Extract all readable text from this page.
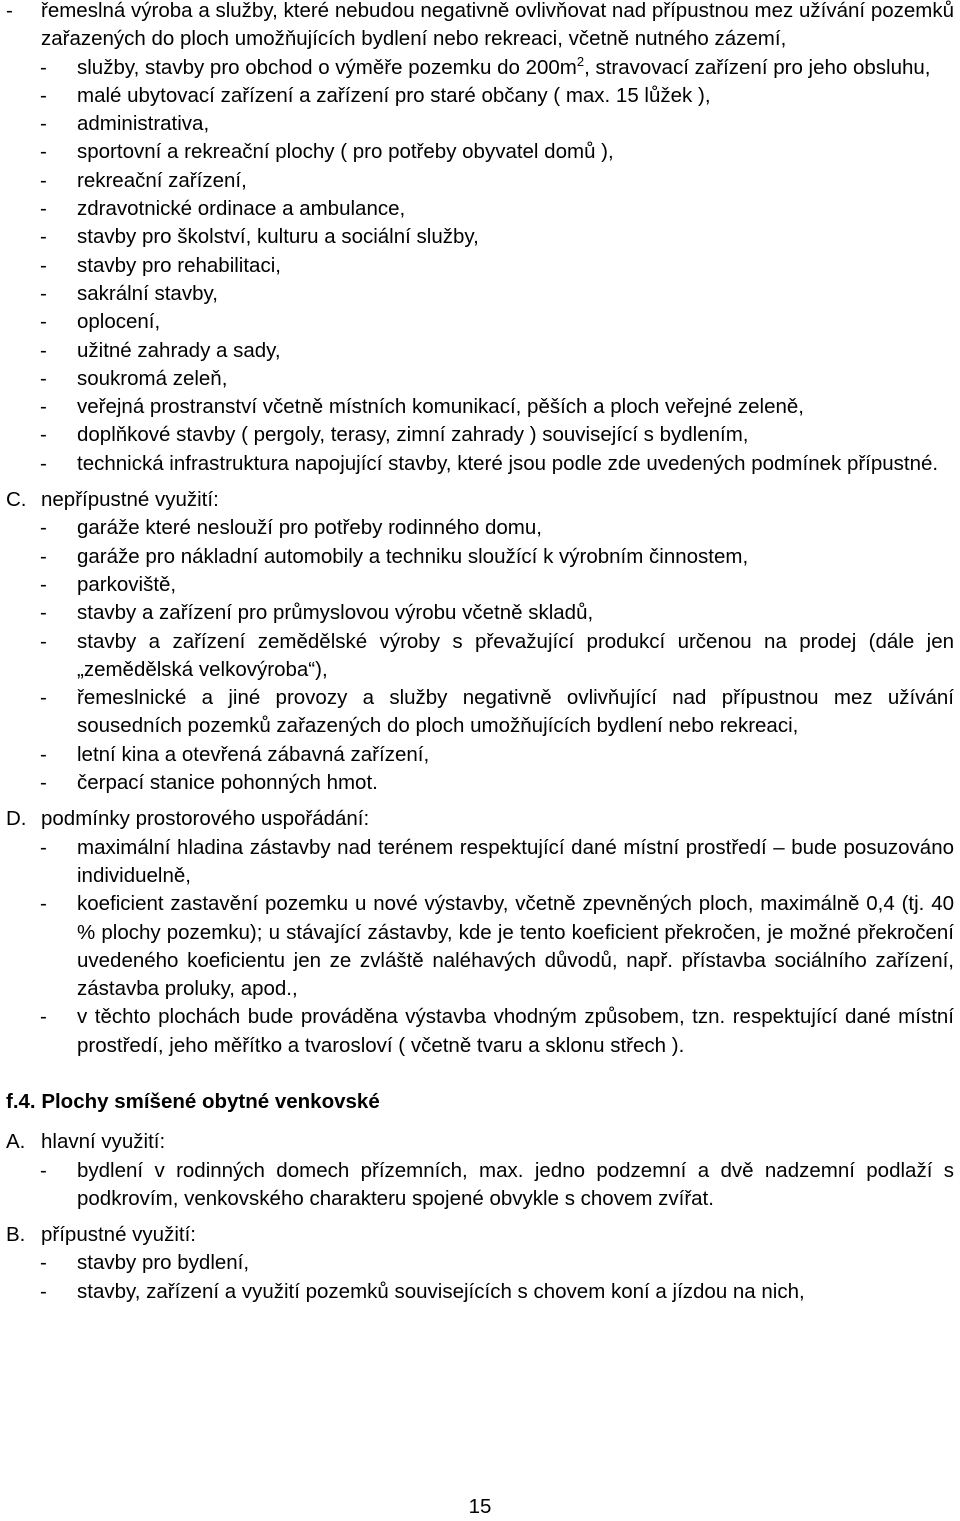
- řemeslná výroba a služby, které nebudou negativně ovlivňovat nad přípustnou mez užívání pozemků zařazených do ploch umožňujících bydlení nebo rekreaci, včetně nutného zázemí,
- služby, stavby pro obchod o výměře pozemku do $200m^2$, stravovací zařízení pro jeho obsluhu,
- malé ubytovací zařízení a zařízení pro staré občany ( max. 15 lůžek ),
- administrativa,
- sportovní a rekreační plochy ( pro potřeby obyvatel domů ),
- rekreační zařízení,
- zdravotnické ordinace a ambulance,
- stavby pro školství, kulturu a sociální služby,
- stavby pro rehabilitaci,
- sakrální stavby,
- oplocení,
- užitné zahrady a sady,
- soukromá zeleň,
- veřejná prostranství včetně místních komunikací, pěších a ploch veřejné zeleně,
- doplňkové stavby ( pergoly, terasy, zimní zahrady ) související s bydlením,
- technická infrastruktura napojující stavby, které jsou podle zde uvedených podmínek přípustné.
C. nepřípustné využití:
- garáže které neslouží pro potřeby rodinného domu,
- garáže pro nákladní automobily a techniku sloužící k výrobním činnostem,
- parkoviště,
- stavby a zařízení pro průmyslovou výrobu včetně skladů,
- stavby a zařízení zemědělské výroby s převažující produkcí určenou na prodej (dále jen „zemědělská velkovýroba“),
- řemeslnické a jiné provozy a služby negativně ovlivňující nad přípustnou mez užívání sousedních pozemků zařazených do ploch umožňujících bydlení nebo rekreaci,
- letní kina a otevřená zábavná zařízení,
- čerpací stanice pohonných hmot.
D. podmínky prostorového uspořádání:
- maximální hladina zástavby nad terénem respektující dané místní prostředí – bude posuzováno individuelně,
- koeficient zastavění pozemku u nové výstavby, včetně zpevněných ploch, maximálně 0,4 (tj. 40 % plochy pozemku); u stávající zástavby, kde je tento koeficient překročen, je možné překročení uvedeného koeficientu jen ze zvláště naléhavých důvodů, např. přístavba sociálního zařízení, zástavba proluky, apod.,
- v těchto plochách bude prováděna výstavba vhodným způsobem, tzn. respektující dané místní prostředí, jeho měřítko a tvarosloví ( včetně tvaru a sklonu střech ).
f.4. Plochy smíšené obytné venkovské
A. hlavní využití:
- bydlení v rodinných domech přízemních, max. jedno podzemní a dvě nadzemní podlaží s podkrovím, venkovského charakteru spojené obvykle s chovem zvířat.
B. přípustné využití:
- stavby pro bydlení,
- stavby, zařízení a využití pozemků souvisejících s chovem koní a jízdou na nich,
15
